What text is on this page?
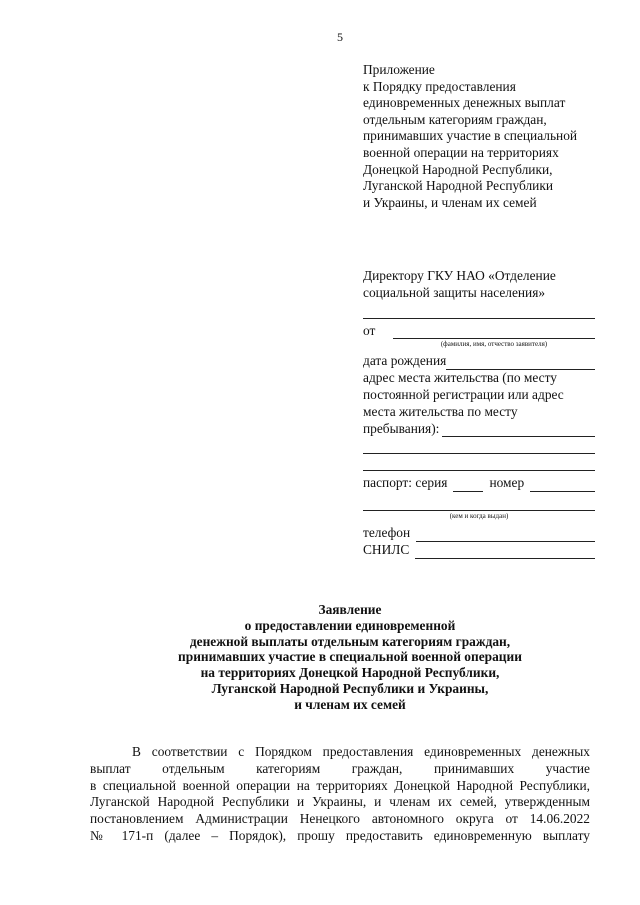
5
Приложение
к Порядку предоставления
единовременных денежных выплат
отдельным категориям граждан,
принимавших участие в специальной
военной операции на территориях
Донецкой Народной Республики,
Луганской Народной Республики
и Украины, и членам их семей
Директору ГКУ НАО «Отделение
социальной защиты населения»
от
(фамилия, имя, отчество заявителя)
дата рождения
адрес места жительства (по месту
постоянной регистрации или адрес
места жительства по месту
пребывания):
паспорт: серия	номер
(кем и когда выдан)
телефон
СНИЛС
Заявление
о предоставлении единовременной
денежной выплаты отдельным категориям граждан,
принимавших участие в специальной военной операции
на территориях Донецкой Народной Республики,
Луганской Народной Республики и Украины,
и членам их семей
В соответствии с Порядком предоставления единовременных денежных
выплат отдельным категориям граждан, принимавших участие
в специальной военной операции на территориях Донецкой Народной Республики,
Луганской Народной Республики и Украины, и членам их семей, утвержденным
постановлением Администрации Ненецкого автономного округа от 14.06.2022
№ 171-п (далее – Порядок), прошу предоставить единовременную выплату
